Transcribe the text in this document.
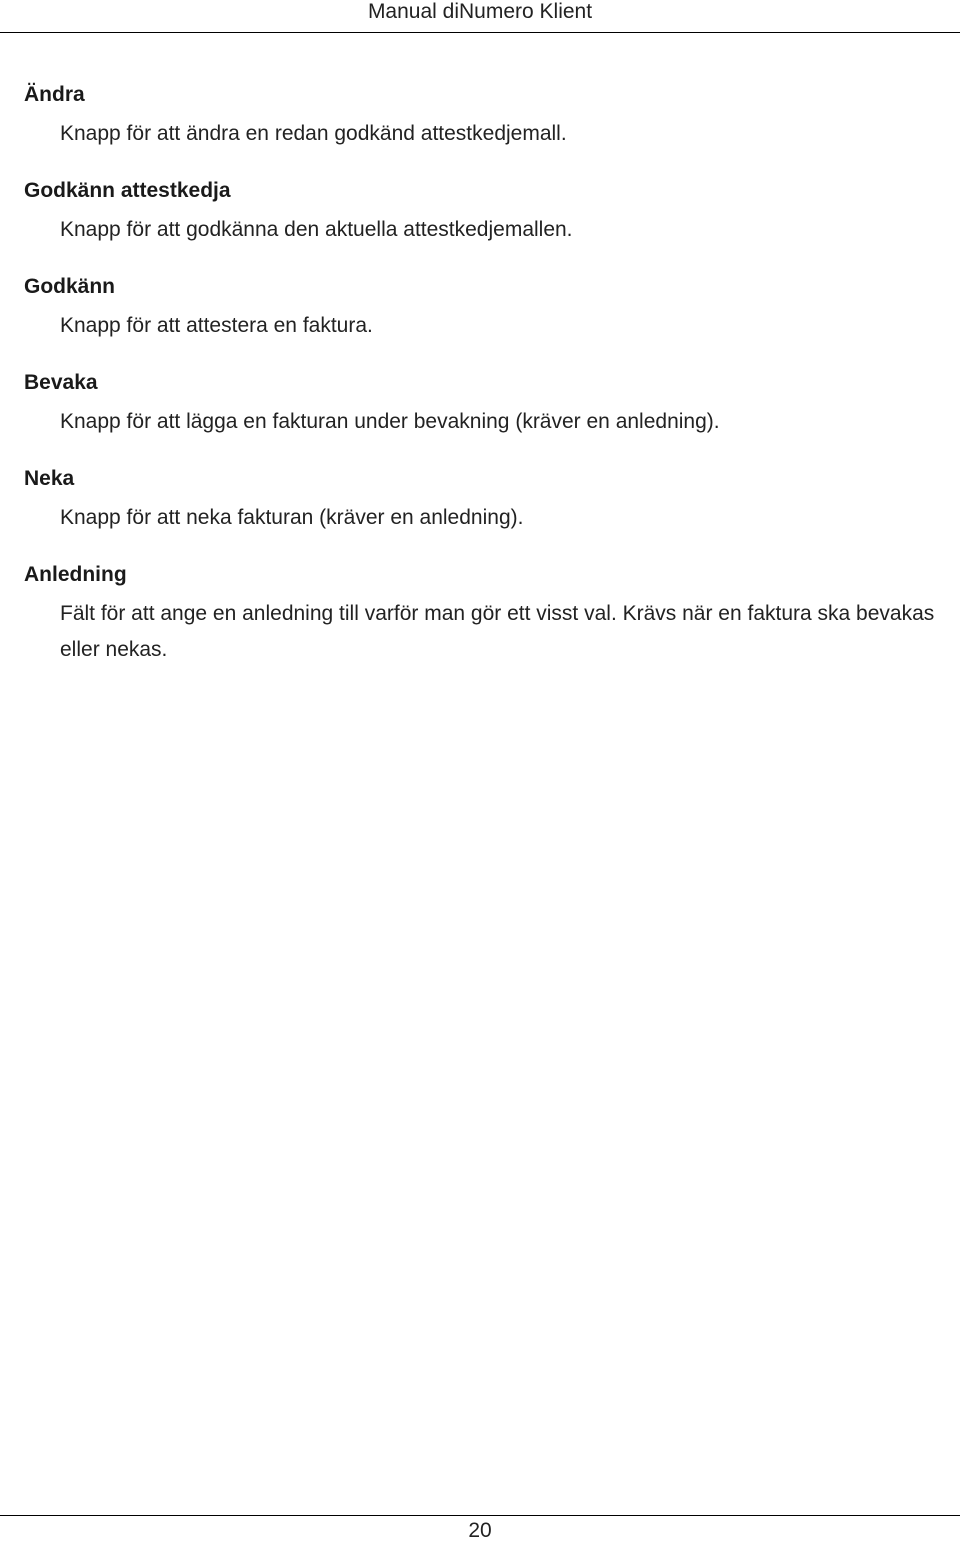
Manual diNumero Klient
Ändra
Knapp för att ändra en redan godkänd attestkedjemall.
Godkänn attestkedja
Knapp för att godkänna den aktuella attestkedjemallen.
Godkänn
Knapp för att attestera en faktura.
Bevaka
Knapp för att lägga en fakturan under bevakning (kräver en anledning).
Neka
Knapp för att neka fakturan (kräver en anledning).
Anledning
Fält för att ange en anledning till varför man gör ett visst val. Krävs när en faktura ska bevakas eller nekas.
20
